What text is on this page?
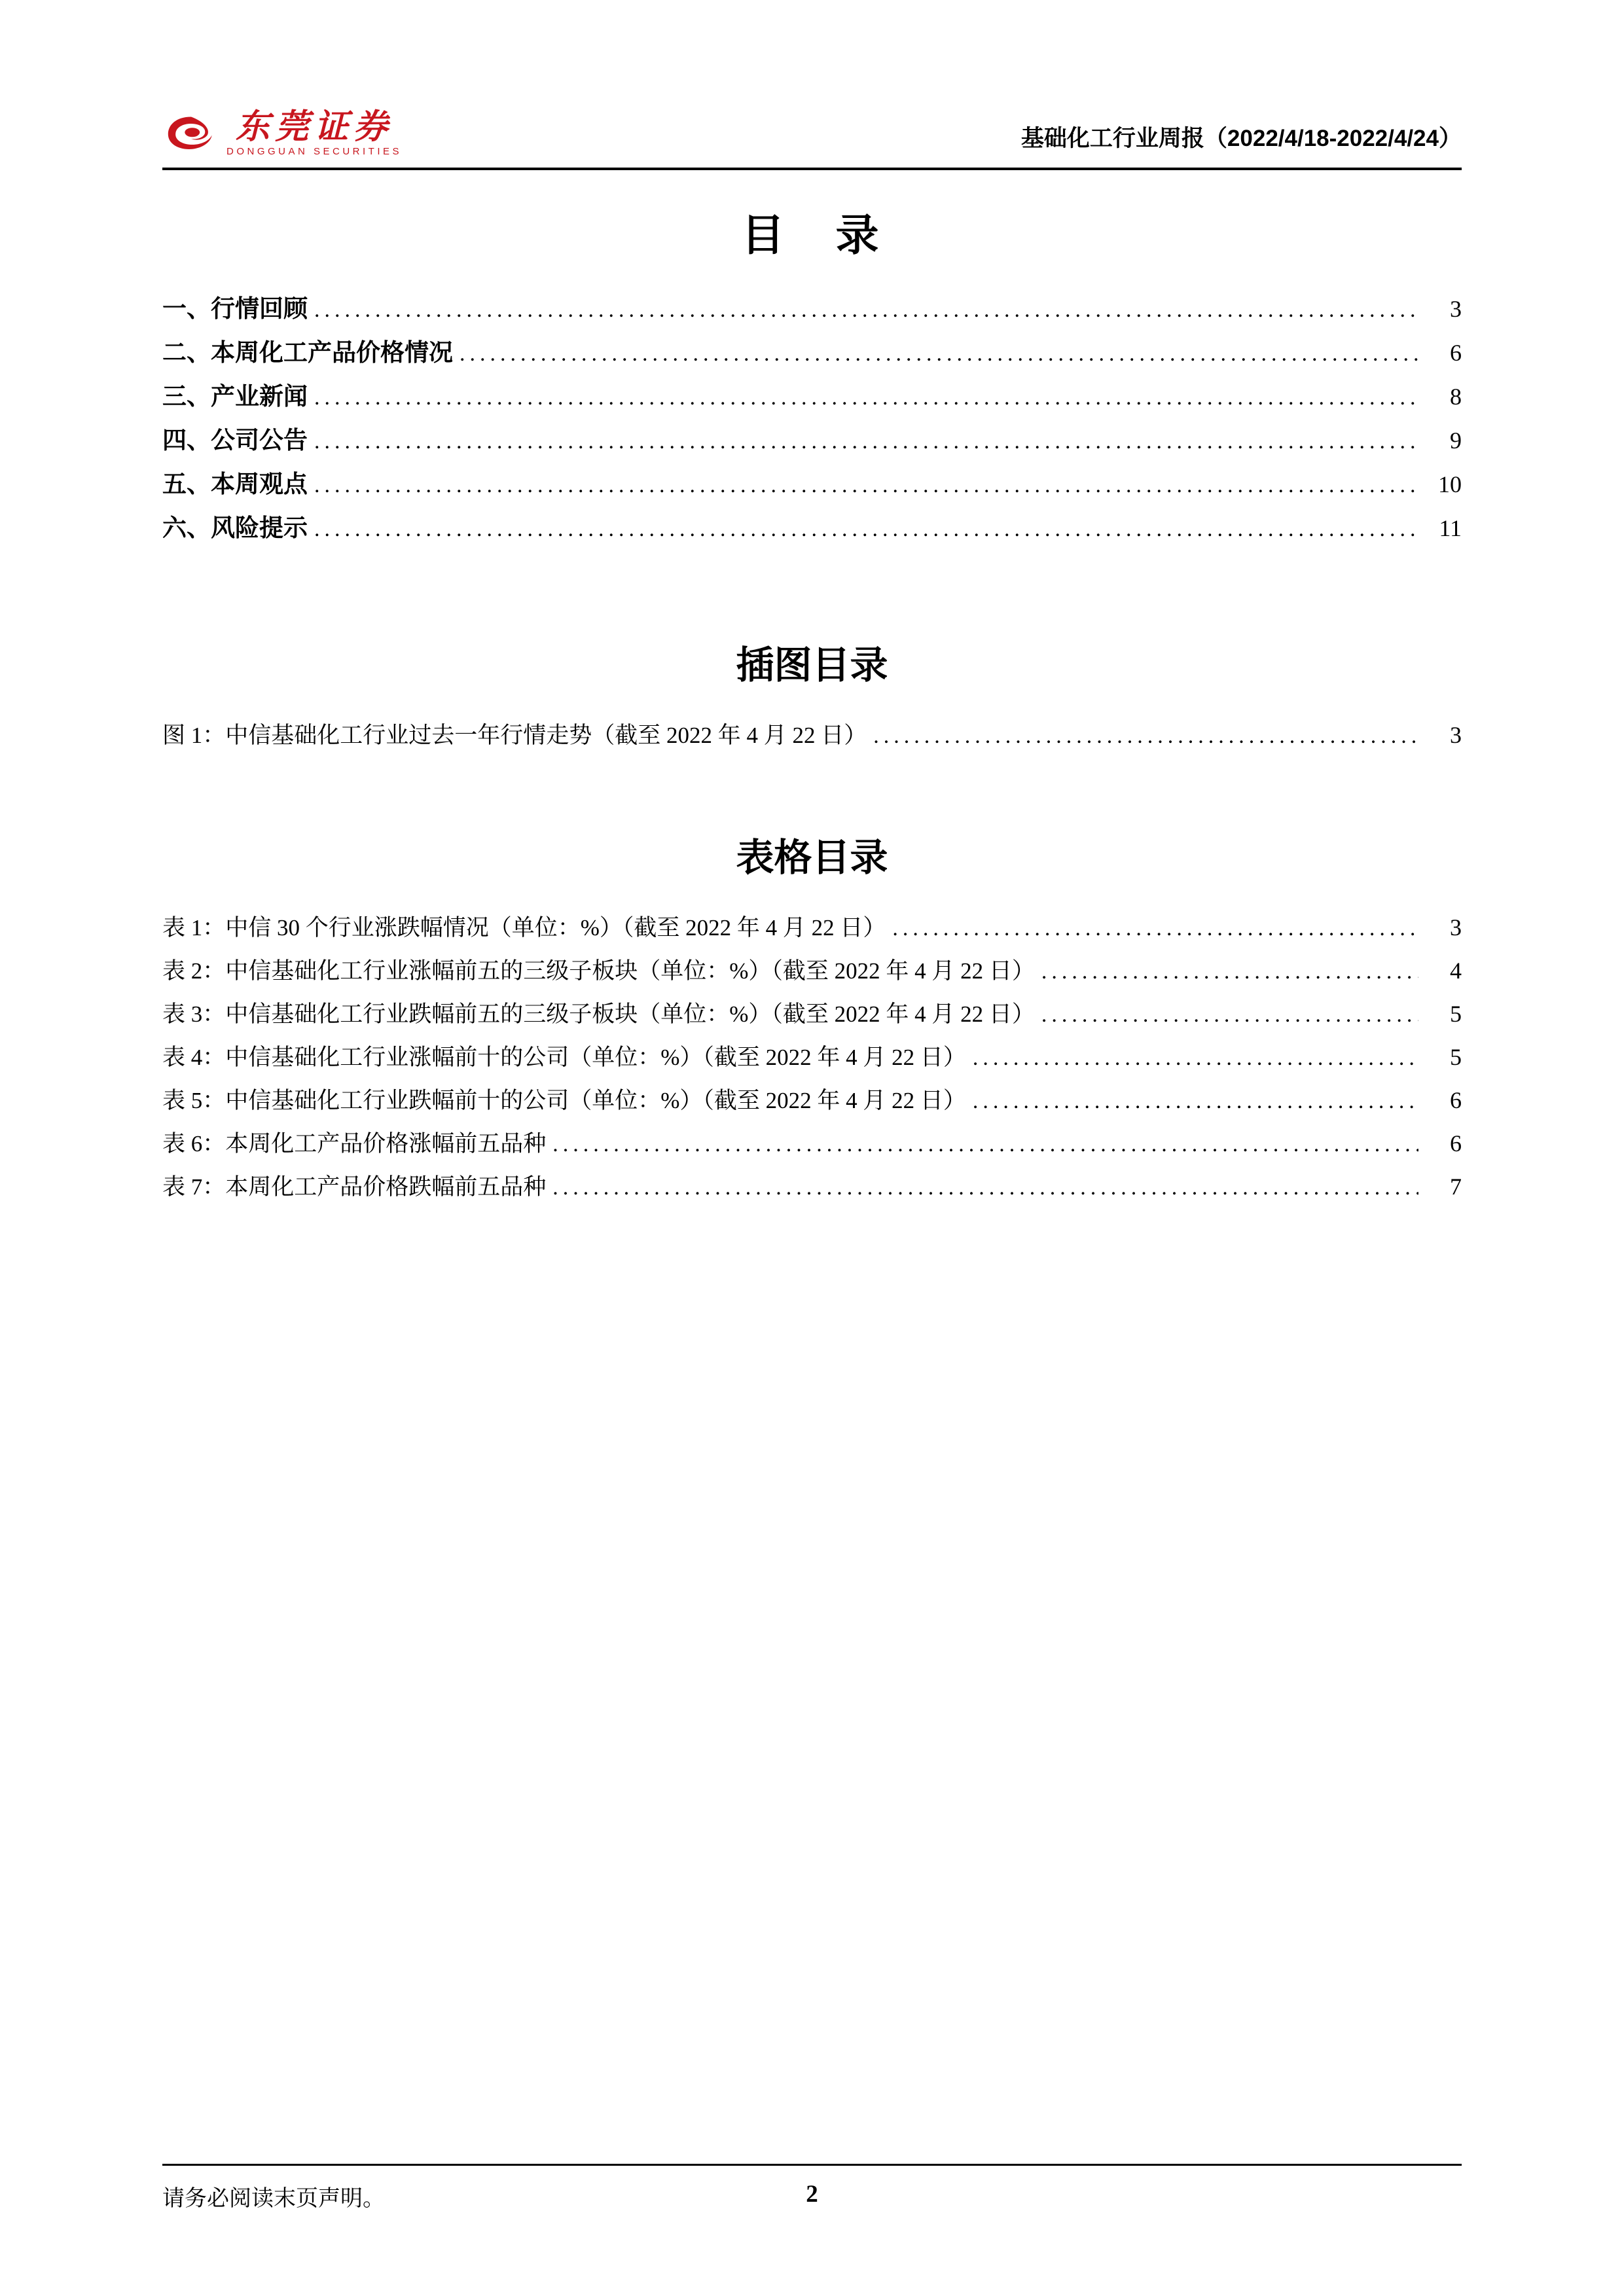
东莞证券
DONGGUAN SECURITIES
基础化工行业周报（2022/4/18-2022/4/24）
目　录
一、行情回顾 .....	3
二、本周化工产品价格情况 .....	6
三、产业新闻 .....	8
四、公司公告 .....	9
五、本周观点 .....	10
六、风险提示 .....	11
插图目录
图 1：中信基础化工行业过去一年行情走势（截至 2022 年 4 月 22 日） .....	3
表格目录
表 1：中信 30 个行业涨跌幅情况（单位：%）（截至 2022 年 4 月 22 日） .....	3
表 2：中信基础化工行业涨幅前五的三级子板块（单位：%）（截至 2022 年 4 月 22 日） .....	4
表 3：中信基础化工行业跌幅前五的三级子板块（单位：%）（截至 2022 年 4 月 22 日） .....	5
表 4：中信基础化工行业涨幅前十的公司（单位：%）（截至 2022 年 4 月 22 日） .....	5
表 5：中信基础化工行业跌幅前十的公司（单位：%）（截至 2022 年 4 月 22 日） .....	6
表 6：本周化工产品价格涨幅前五品种 .....	6
表 7：本周化工产品价格跌幅前五品种 .....	7
请务必阅读末页声明。	2
